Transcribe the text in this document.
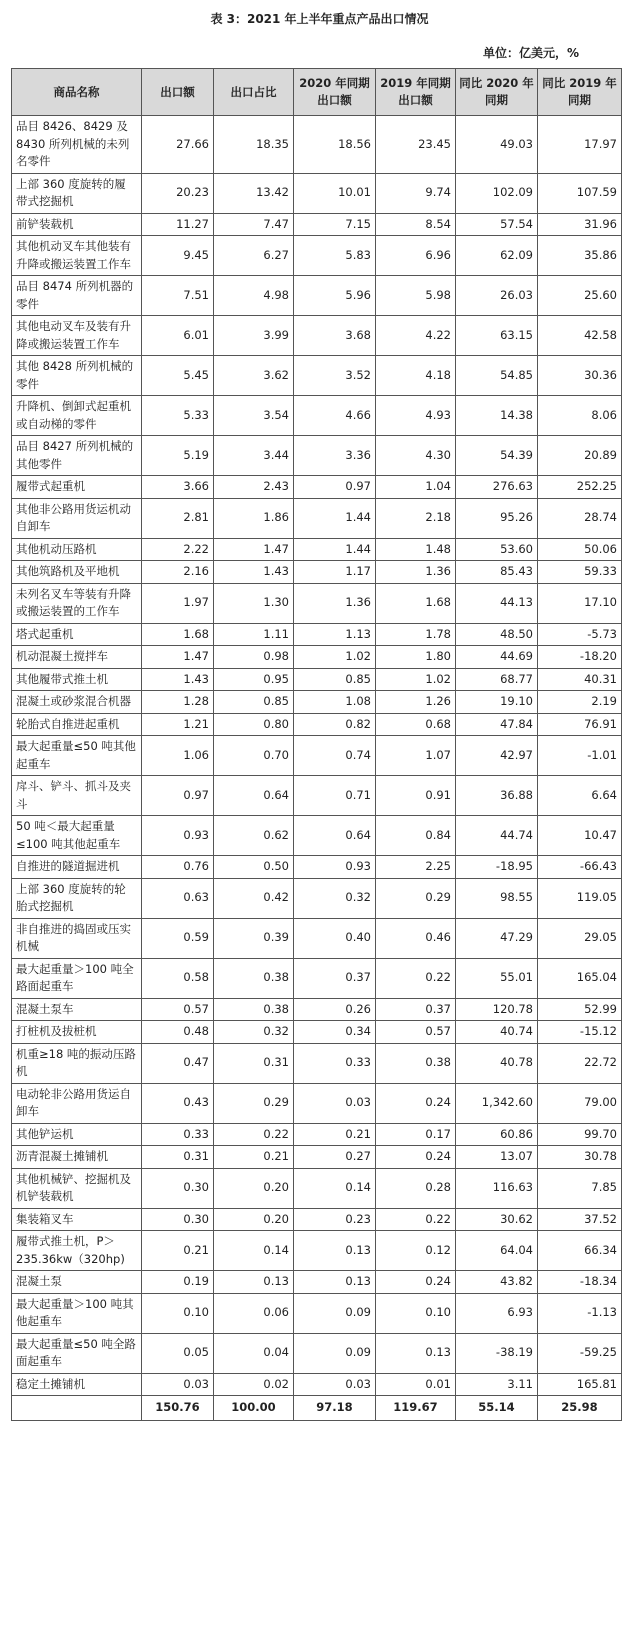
表 3：2021 年上半年重点产品出口情况
单位：亿美元，%
商品名称	出口额	出口占比	2020 年同期出口额	2019 年同期出口额	同比 2020 年同期	同比 2019 年同期
品目 8426、8429 及 8430 所列机械的未列名零件	27.66	18.35	18.56	23.45	49.03	17.97
上部 360 度旋转的履带式挖掘机	20.23	13.42	10.01	9.74	102.09	107.59
前铲装载机	11.27	7.47	7.15	8.54	57.54	31.96
其他机动叉车其他装有升降或搬运装置工作车	9.45	6.27	5.83	6.96	62.09	35.86
品目 8474 所列机器的零件	7.51	4.98	5.96	5.98	26.03	25.60
其他电动叉车及装有升降或搬运装置工作车	6.01	3.99	3.68	4.22	63.15	42.58
其他 8428 所列机械的零件	5.45	3.62	3.52	4.18	54.85	30.36
升降机、倒卸式起重机或自动梯的零件	5.33	3.54	4.66	4.93	14.38	8.06
品目 8427 所列机械的其他零件	5.19	3.44	3.36	4.30	54.39	20.89
履带式起重机	3.66	2.43	0.97	1.04	276.63	252.25
其他非公路用货运机动自卸车	2.81	1.86	1.44	2.18	95.26	28.74
其他机动压路机	2.22	1.47	1.44	1.48	53.60	50.06
其他筑路机及平地机	2.16	1.43	1.17	1.36	85.43	59.33
未列名叉车等装有升降或搬运装置的工作车	1.97	1.30	1.36	1.68	44.13	17.10
塔式起重机	1.68	1.11	1.13	1.78	48.50	-5.73
机动混凝土搅拌车	1.47	0.98	1.02	1.80	44.69	-18.20
其他履带式推土机	1.43	0.95	0.85	1.02	68.77	40.31
混凝土或砂浆混合机器	1.28	0.85	1.08	1.26	19.10	2.19
轮胎式自推进起重机	1.21	0.80	0.82	0.68	47.84	76.91
最大起重量≤50 吨其他起重车	1.06	0.70	0.74	1.07	42.97	-1.01
戽斗、铲斗、抓斗及夹斗	0.97	0.64	0.71	0.91	36.88	6.64
50 吨＜最大起重量≤100 吨其他起重车	0.93	0.62	0.64	0.84	44.74	10.47
自推进的隧道掘进机	0.76	0.50	0.93	2.25	-18.95	-66.43
上部 360 度旋转的轮胎式挖掘机	0.63	0.42	0.32	0.29	98.55	119.05
非自推进的捣固或压实机械	0.59	0.39	0.40	0.46	47.29	29.05
最大起重量＞100 吨全路面起重车	0.58	0.38	0.37	0.22	55.01	165.04
混凝土泵车	0.57	0.38	0.26	0.37	120.78	52.99
打桩机及拔桩机	0.48	0.32	0.34	0.57	40.74	-15.12
机重≥18 吨的振动压路机	0.47	0.31	0.33	0.38	40.78	22.72
电动轮非公路用货运自卸车	0.43	0.29	0.03	0.24	1,342.60	79.00
其他铲运机	0.33	0.22	0.21	0.17	60.86	99.70
沥青混凝土摊铺机	0.31	0.21	0.27	0.24	13.07	30.78
其他机械铲、挖掘机及机铲装载机	0.30	0.20	0.14	0.28	116.63	7.85
集装箱叉车	0.30	0.20	0.23	0.22	30.62	37.52
履带式推土机，P＞235.36kw（320hp)	0.21	0.14	0.13	0.12	64.04	66.34
混凝土泵	0.19	0.13	0.13	0.24	43.82	-18.34
最大起重量＞100 吨其他起重车	0.10	0.06	0.09	0.10	6.93	-1.13
最大起重量≤50 吨全路面起重车	0.05	0.04	0.09	0.13	-38.19	-59.25
稳定土摊铺机	0.03	0.02	0.03	0.01	3.11	165.81
	150.76	100.00	97.18	119.67	55.14	25.98
